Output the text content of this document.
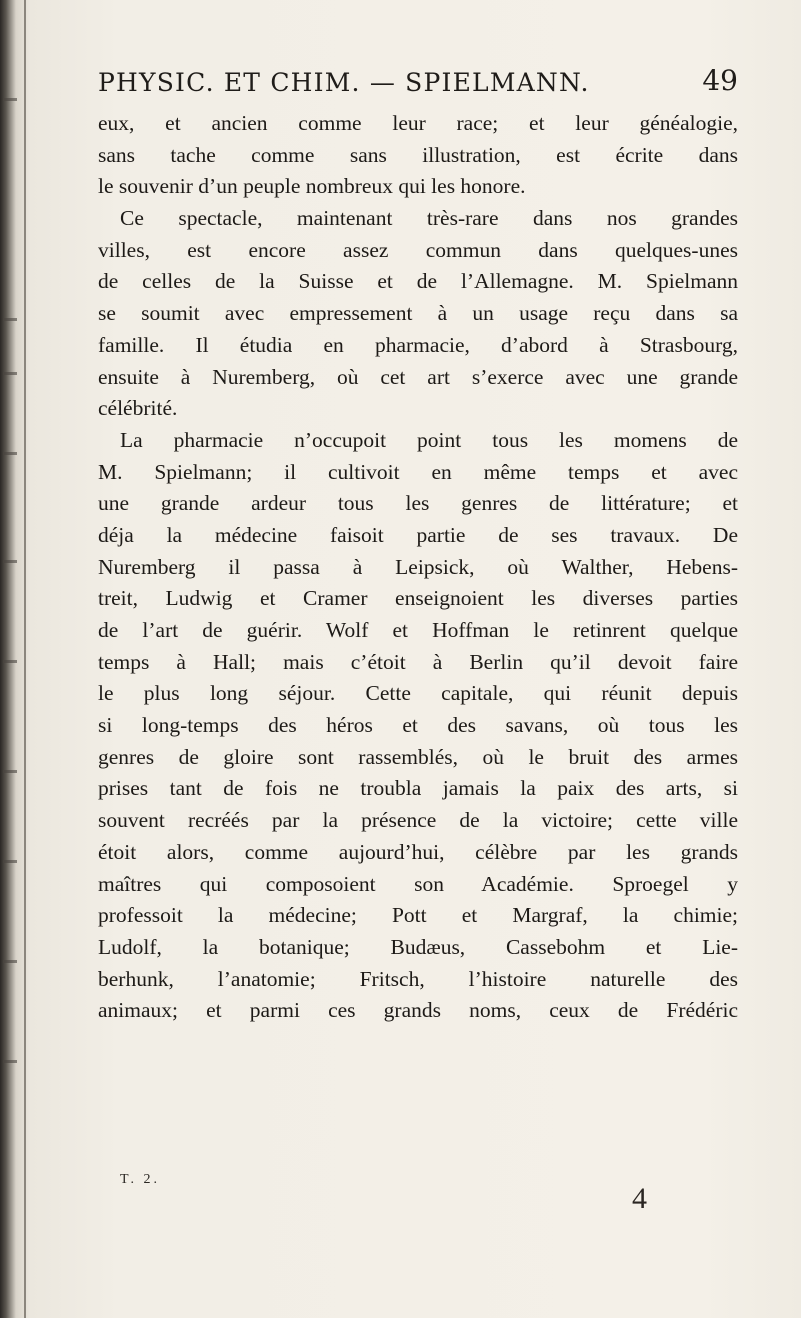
PHYSIC. ET CHIM. — SPIELMANN.	49
eux, et ancien comme leur race; et leur généalogie,
sans tache comme sans illustration, est écrite dans
le souvenir d’un peuple nombreux qui les honore.
Ce spectacle, maintenant très-rare dans nos grandes
villes, est encore assez commun dans quelques-unes
de celles de la Suisse et de l’Allemagne. M. Spielmann
se soumit avec empressement à un usage reçu dans sa
famille. Il étudia en pharmacie, d’abord à Strasbourg,
ensuite à Nuremberg, où cet art s’exerce avec une grande
célébrité.
La pharmacie n’occupoit point tous les momens de
M. Spielmann; il cultivoit en même temps et avec
une grande ardeur tous les genres de littérature; et
déja la médecine faisoit partie de ses travaux. De
Nuremberg il passa à Leipsick, où Walther, Hebens-
treit, Ludwig et Cramer enseignoient les diverses parties
de l’art de guérir. Wolf et Hoffman le retinrent quelque
temps à Hall; mais c’étoit à Berlin qu’il devoit faire
le plus long séjour. Cette capitale, qui réunit depuis
si long-temps des héros et des savans, où tous les
genres de gloire sont rassemblés, où le bruit des armes
prises tant de fois ne troubla jamais la paix des arts, si
souvent recréés par la présence de la victoire; cette ville
étoit alors, comme aujourd’hui, célèbre par les grands
maîtres qui composoient son Académie. Sproegel y
professoit la médecine; Pott et Margraf, la chimie;
Ludolf, la botanique; Budæus, Cassebohm et Lie-
berhunk, l’anatomie; Fritsch, l’histoire naturelle des
animaux; et parmi ces grands noms, ceux de Frédéric
T. 2.
4
